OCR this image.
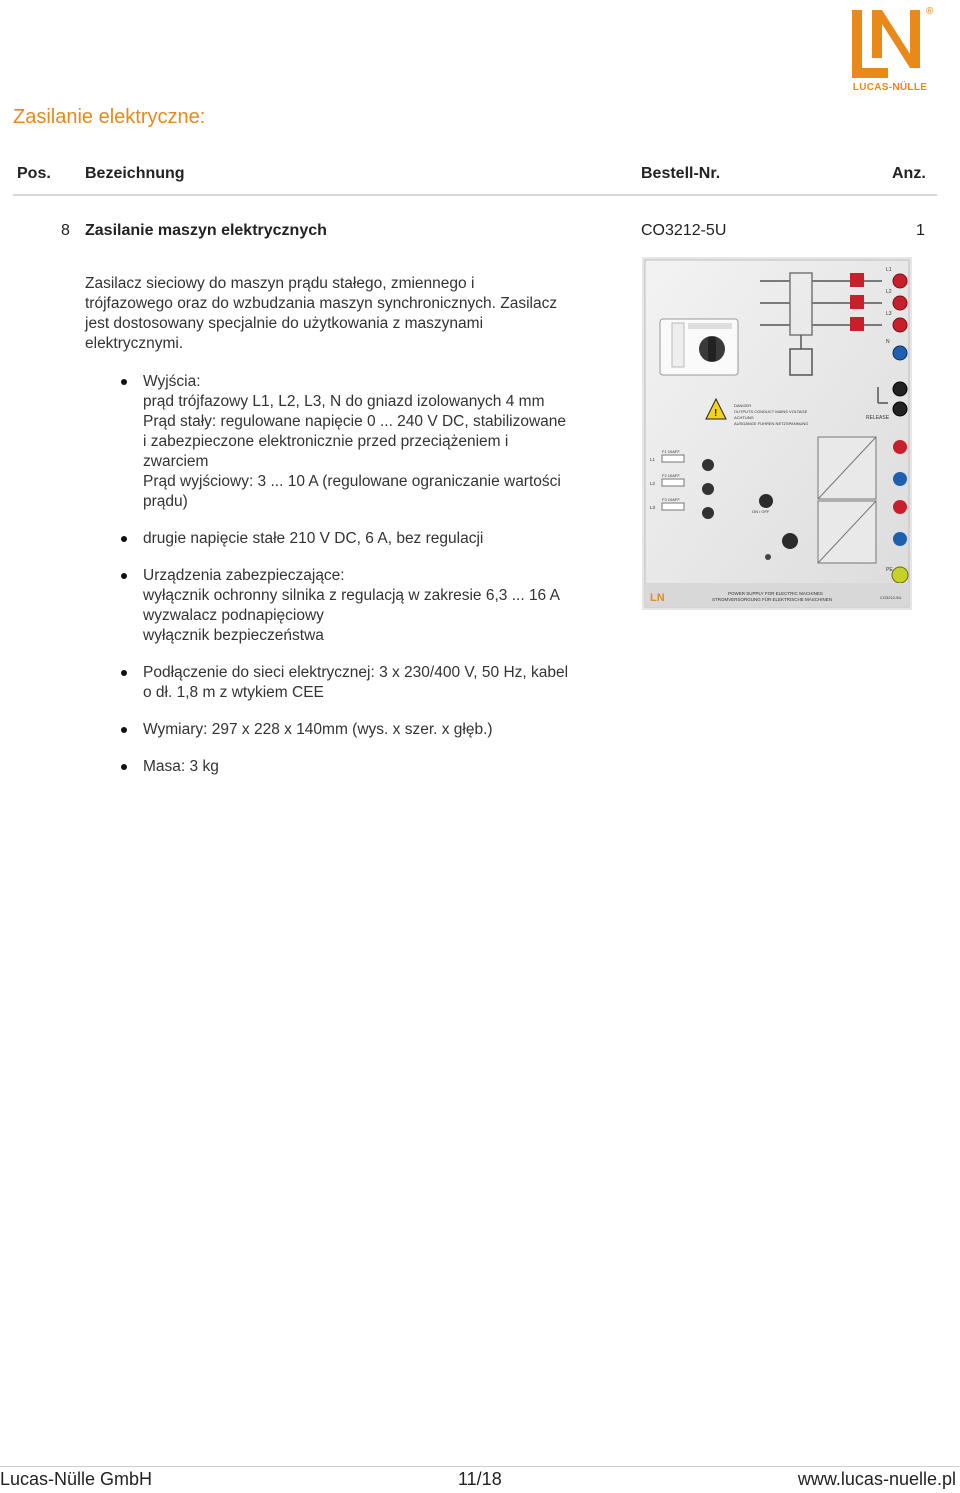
®
LUCAS-NÜLLE
Zasilanie elektryczne:
Pos. Bezeichnung	Bestell-Nr.	Anz.
8 Zasilanie maszyn elektrycznych	CO3212-5U	1
Zasilacz sieciowy do maszyn prądu stałego, zmiennego i
trójfazowego oraz do wzbudzania maszyn synchronicznych. Zasilacz
jest dostosowany specjalnie do użytkowania z maszynami
elektrycznymi.
Wyjścia:
prąd trójfazowy L1, L2, L3, N do gniazd izolowanych 4 mm
Prąd stały: regulowane napięcie 0 ... 240 V DC, stabilizowane
i zabezpieczone elektronicznie przed przeciążeniem i
zwarciem
Prąd wyjściowy: 3 ... 10 A (regulowane ograniczanie wartości
prądu)
drugie napięcie stałe 210 V DC, 6 A, bez regulacji
Urządzenia zabezpieczające:
wyłącznik ochronny silnika z regulacją w zakresie 6,3 ... 16 A
wyzwalacz podnapięciowy
wyłącznik bezpieczeństwa
Podłączenie do sieci elektrycznej: 3 x 230/400 V, 50 Hz, kabel
o dł. 1,8 m z wtykiem CEE
Wymiary: 297 x 228 x 140mm (wys. x szer. x głęb.)
Masa: 3 kg
L1
L2
L3
N
!
DANGER
OUTPUTS CONDUCT MAINS VOLTAGE
ACHTUNG
AUSGÄNGE FÜHREN NETZSPANNUNG
RELEASE
L1
L2
L3
F1 10AFF
F2 10AFF
F3 10AFF
ON / OFF
LN	POWER SUPPLY FOR ELECTRIC MACHINES
STROMVERSORGUNG FÜR ELEKTRISCHE MASCHINEN	CO3212-5U
PE
Lucas-Nülle GmbH	11/18	www.lucas-nuelle.pl
